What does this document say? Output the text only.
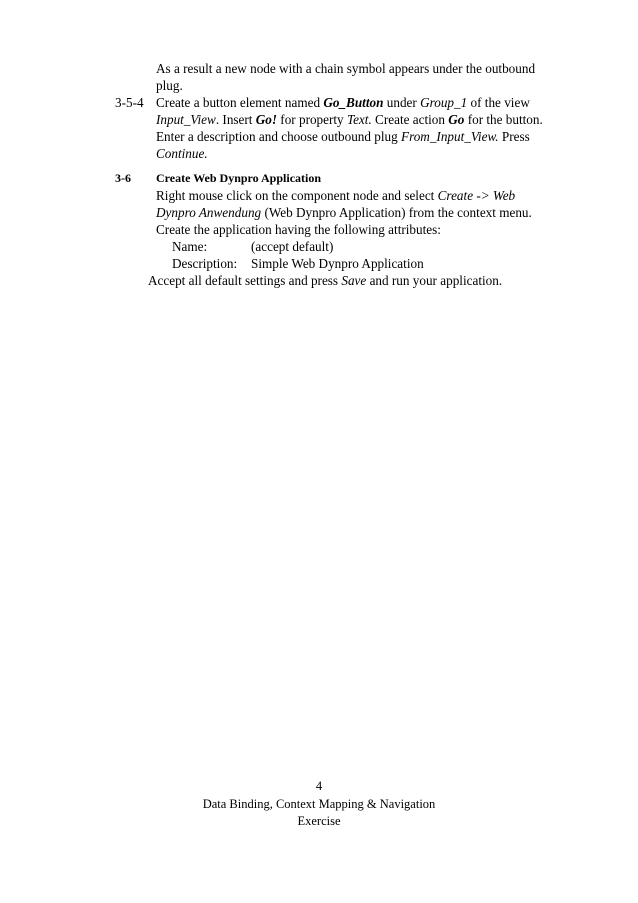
As a result a new node with a chain symbol appears under the outbound
plug.
3-5-4 Create a button element named Go_Button under Group_1 of the view
Input_View. Insert Go! for property Text. Create action Go for the button.
Enter a description and choose outbound plug From_Input_View. Press
Continue.
3-6 Create Web Dynpro Application
Right mouse click on the component node and select Create -> Web
Dynpro Anwendung (Web Dynpro Application) from the context menu.
Create the application having the following attributes:
Name:	(accept default)
Description: Simple Web Dynpro Application
Accept all default settings and press Save and run your application.
4
Data Binding, Context Mapping & Navigation
Exercise
